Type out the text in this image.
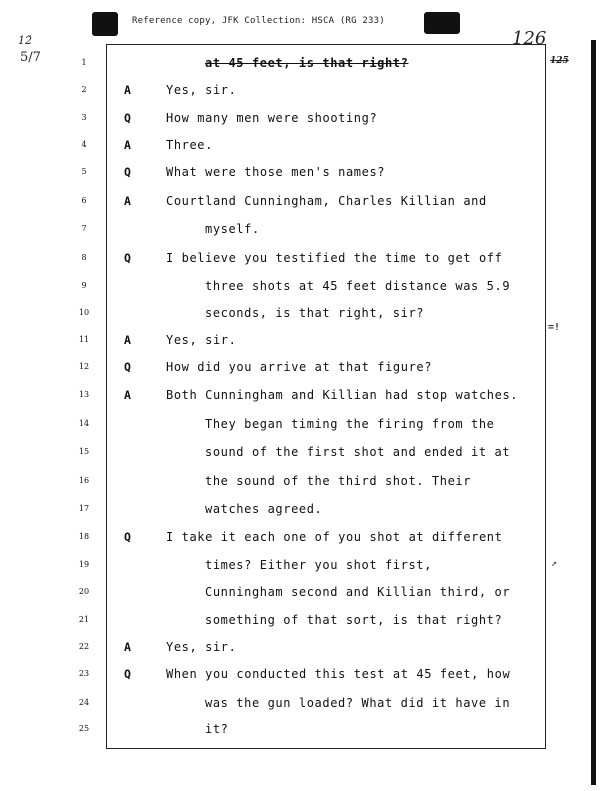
Reference copy, JFK Collection: HSCA (RG 233)
12̆
5/7
126
125
=!
↗
1	at 45 feet, is that right?
2	A	Yes, sir.
3	Q	How many men were shooting?
4	A	Three.
5	Q	What were those men's names?
6	A	Courtland Cunningham, Charles Killian and
7	myself.
8	Q	I believe you testified the time to get off
9	three shots at 45 feet distance was 5.9
10	seconds, is that right, sir?
11	A	Yes, sir.
12	Q	How did you arrive at that figure?
13	A	Both Cunningham and Killian had stop watches.
14	They began timing the firing from the
15	sound of the first shot and ended it at
16	the sound of the third shot. Their
17	watches agreed.
18	Q	I take it each one of you shot at different
19	times? Either you shot first,
20	Cunningham second and Killian third, or
21	something of that sort, is that right?
22	A	Yes, sir.
23	Q	When you conducted this test at 45 feet, how
24	was the gun loaded? What did it have in
25	it?
